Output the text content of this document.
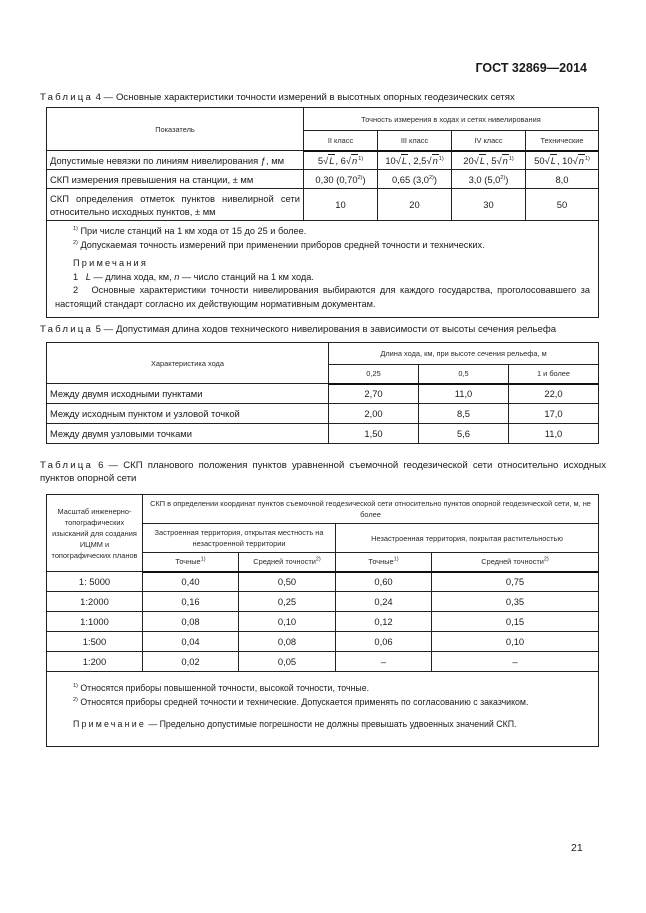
ГОСТ 32869—2014
Таблица 4 — Основные характеристики точности измерений в высотных опорных геодезических сетях
Показатель	Точность измерения в ходах и сетях нивелирования			
	II класс	III класс	IV класс	Технические
Допустимые невязки по линиям нивелирования ƒ, мм	5√L, $6√n^{1)}$	10√L, $2,5√n^{1)}$	20√L, $5√n^{1)}$	50√L, $10√n^{1)}$
СКП измерения превышения на станции, ± мм	0,30 (0,70$^{2)}$)	0,65 (3,0$^{2)}$)	3,0 (5,0$^{2)}$)	8,0
СКП определения отметок пунктов нивелирной сети относительно исходных пунктов, ± мм	10	20	30	50

$^{1)}$ При числе станций на 1 км хода от 15 до 25 и более.

$^{2)}$ Допускаемая точность измерений при применении приборов средней точности и технических.

Примечания

1 L — длина хода, км, n — число станций на 1 км хода.

2 Основные характеристики точности нивелирования выбираются для каждого государства, проголосовавшего за настоящий стандарт согласно их действующим нормативным документам.				

Таблица 5 — Допустимая длина ходов технического нивелирования в зависимости от высоты сечения рельефа
Характеристика хода	Длина хода, км, при высоте сечения рельефа, м		
	0,25	0,5	1 и более
Между двумя исходными пунктами	2,70	11,0	22,0
Между исходным пунктом и узловой точкой	2,00	8,5	17,0
Между двумя узловыми точками	1,50	5,6	11,0
Таблица 6 — СКП планового положения пунктов уравненной съемочной геодезической сети относительно исходных пунктов опорной сети
Масштаб инженерно-топографических изысканий для создания ИЦММ и топографических планов	СКП в определении координат пунктов съемочной геодезической сети относительно пунктов опорной геодезической сети, м, не более			
	Застроенная территория, открытая местность на незастроенной территории		Незастроенная территория, покрытая растительностью	
	Точные$^{1)}$	Средней точности$^{2)}$	Точные$^{1)}$	Средней точности$^{2)}$
1: 5000	0,40	0,50	0,60	0,75
1:2000	0,16	0,25	0,24	0,35
1:1000	0,08	0,10	0,12	0,15
1:500	0,04	0,08	0,06	0,10
1:200	0,02	0,05	–	–

$^{1)}$ Относятся приборы повышенной точности, высокой точности, точные.

$^{2)}$ Относятся приборы средней точности и технические. Допускается применять по согласованию с заказчиком.

Примечание — Предельно допустимые погрешности не должны превышать удвоенных значений СКП.				

21
